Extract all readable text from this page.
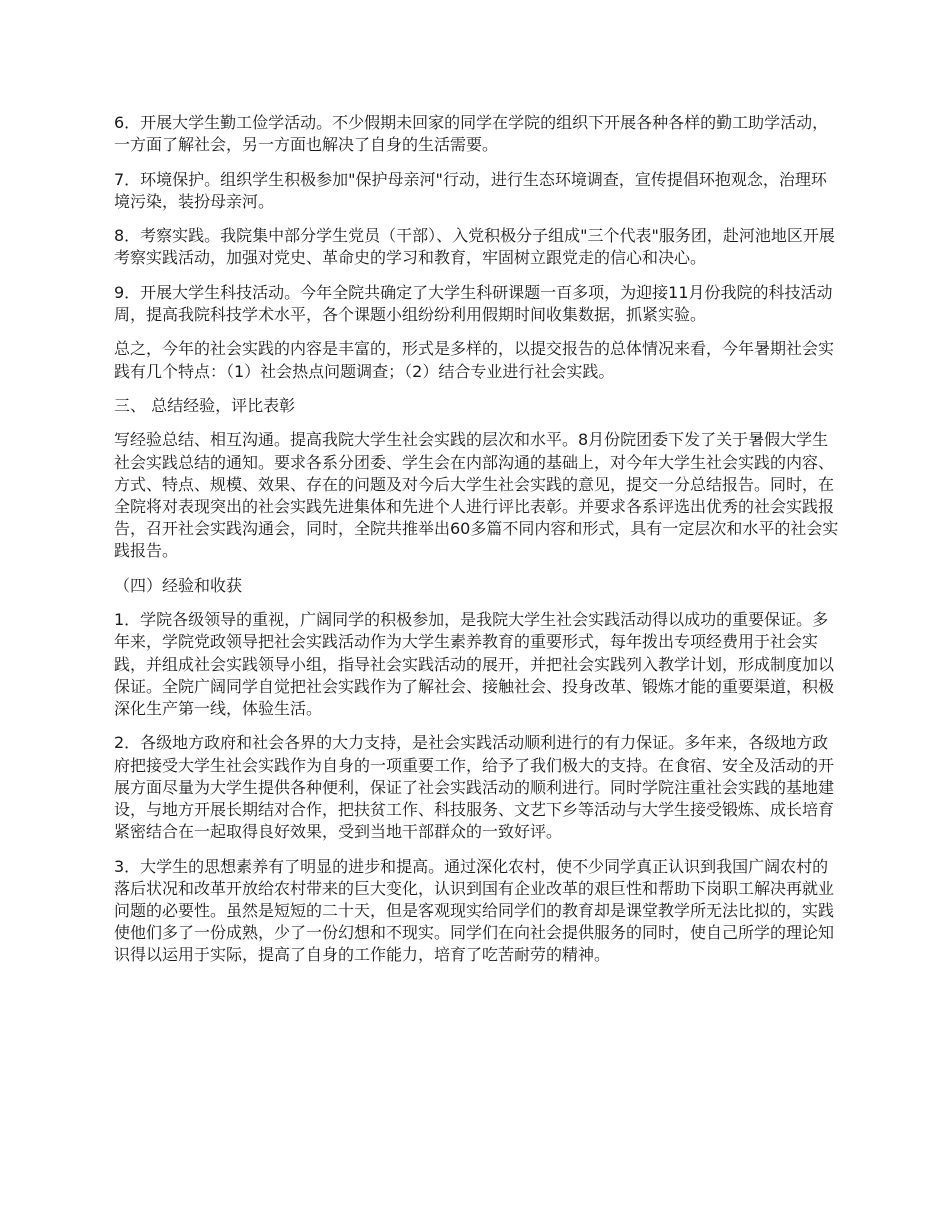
6．开展大学生勤工俭学活动。不少假期未回家的同学在学院的组织下开展各种各样的勤工助学活动，一方面了解社会，另一方面也解决了自身的生活需要。

7．环境保护。组织学生积极参加"保护母亲河"行动，进行生态环境调查，宣传提倡环抱观念，治理环境污染，装扮母亲河。

8．考察实践。我院集中部分学生党员（干部）、入党积极分子组成"三个代表"服务团，赴河池地区开展考察实践活动，加强对党史、革命史的学习和教育，牢固树立跟党走的信心和决心。

9．开展大学生科技活动。今年全院共确定了大学生科研课题一百多项，为迎接11月份我院的科技活动周，提高我院科技学术水平，各个课题小组纷纷利用假期时间收集数据，抓紧实验。

总之，今年的社会实践的内容是丰富的，形式是多样的，以提交报告的总体情况来看，今年暑期社会实践有几个特点：（1）社会热点问题调查；（2）结合专业进行社会实践。

三、 总结经验，评比表彰

写经验总结、相互沟通。提高我院大学生社会实践的层次和水平。8月份院团委下发了关于暑假大学生社会实践总结的通知。要求各系分团委、学生会在内部沟通的基础上，对今年大学生社会实践的内容、方式、特点、规模、效果、存在的问题及对今后大学生社会实践的意见，提交一分总结报告。同时，在全院将对表现突出的社会实践先进集体和先进个人进行评比表彰。并要求各系评选出优秀的社会实践报告，召开社会实践沟通会，同时，全院共推举出60多篇不同内容和形式，具有一定层次和水平的社会实践报告。

（四）经验和收获

1．学院各级领导的重视，广阔同学的积极参加，是我院大学生社会实践活动得以成功的重要保证。多年来，学院党政领导把社会实践活动作为大学生素养教育的重要形式，每年拨出专项经费用于社会实践，并组成社会实践领导小组，指导社会实践活动的展开，并把社会实践列入教学计划，形成制度加以保证。全院广阔同学自觉把社会实践作为了解社会、接触社会、投身改革、锻炼才能的重要渠道，积极深化生产第一线，体验生活。

2．各级地方政府和社会各界的大力支持，是社会实践活动顺利进行的有力保证。多年来，各级地方政府把接受大学生社会实践作为自身的一项重要工作，给予了我们极大的支持。在食宿、安全及活动的开展方面尽量为大学生提供各种便利，保证了社会实践活动的顺利进行。同时学院注重社会实践的基地建设，与地方开展长期结对合作，把扶贫工作、科技服务、文艺下乡等活动与大学生接受锻炼、成长培育紧密结合在一起取得良好效果，受到当地干部群众的一致好评。

3．大学生的思想素养有了明显的进步和提高。通过深化农村，使不少同学真正认识到我国广阔农村的落后状况和改革开放给农村带来的巨大变化，认识到国有企业改革的艰巨性和帮助下岗职工解决再就业问题的必要性。虽然是短短的二十天，但是客观现实给同学们的教育却是课堂教学所无法比拟的，实践使他们多了一份成熟，少了一份幻想和不现实。同学们在向社会提供服务的同时，使自己所学的理论知识得以运用于实际，提高了自身的工作能力，培育了吃苦耐劳的精神。
